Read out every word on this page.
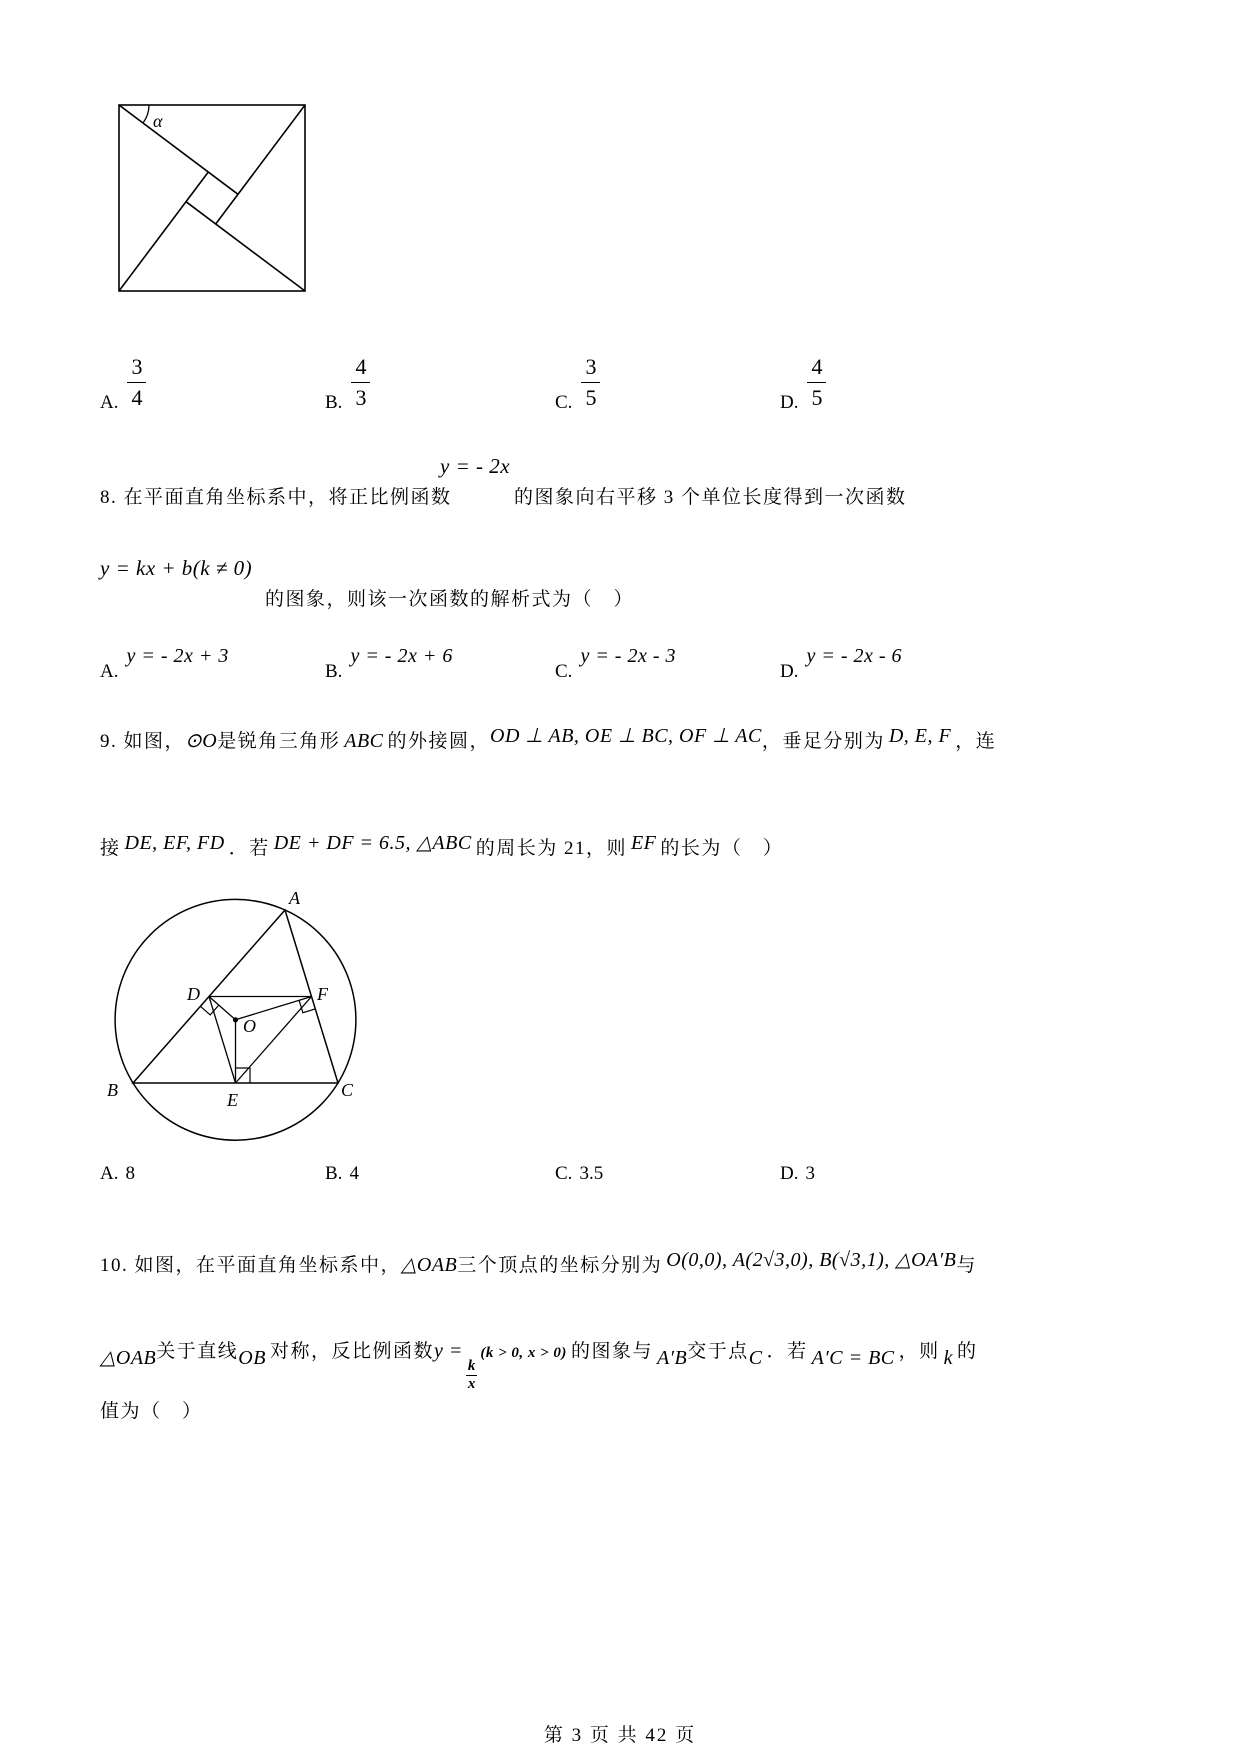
α
A. $\frac{3}{4}$	B. $\frac{4}{3}$	C. $\frac{3}{5}$	D. $\frac{4}{5}$
8. 在平面直角坐标系中，将正比例函数
y = - 2x
的图象向右平移 3 个单位长度得到一次函数
y = kx + b(k ≠ 0)
的图象，则该一次函数的解析式为（　）
A.
y = - 2x + 3
B.
y = - 2x + 6
C.
y = - 2x - 3
D.
y = - 2x - 6
9. 如图，⊙O是锐角三角形 ABC 的外接圆，OD ⊥ AB, OE ⊥ BC, OF ⊥ AC，垂足分别为 D, E, F ，连
接 DE, EF, FD ．若 DE + DF = 6.5, △ABC 的周长为 21，则 EF 的长为（　）
A
B	C
D	F
E
O
A. 8	B. 4	C. 3.5	D. 3
10. 如图，在平面直角坐标系中，△OAB三个顶点的坐标分别为 O(0,0), A(2√3,0), B(√3,1), △OA′B与
△OAB关于直线OB 对称，反比例函数y =
$\frac{k}{x}$
(k > 0, x > 0) 的图象与 A′B交于点C ．若 A′C = BC ，则 k 的
值为（　）
第 3 页 共 42 页
